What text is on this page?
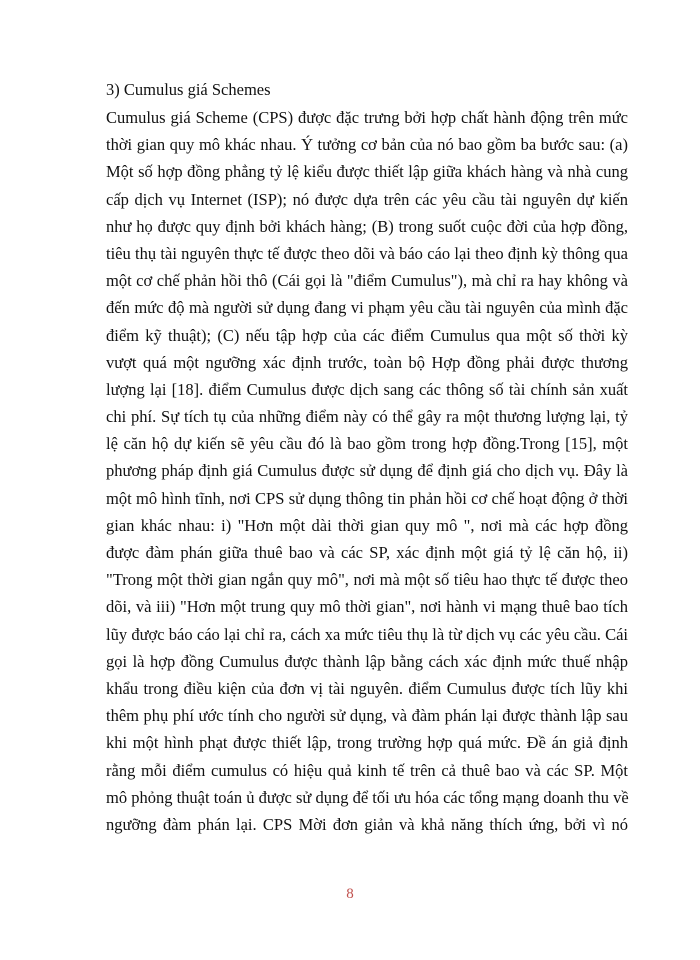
3) Cumulus giá Schemes
Cumulus giá Scheme (CPS) được đặc trưng bởi hợp chất hành động trên mức
thời gian quy mô khác nhau. Ý tưởng cơ bản của nó bao gồm ba bước sau: (a)
Một số hợp đồng phẳng tỷ lệ kiểu được thiết lập giữa khách hàng và nhà cung
cấp dịch vụ Internet (ISP); nó được dựa trên các yêu cầu tài nguyên dự kiến
như họ được quy định bởi khách hàng; (B) trong suốt cuộc đời của hợp đồng,
tiêu thụ tài nguyên thực tế được theo dõi và báo cáo lại theo định kỳ thông qua
một cơ chế phản hồi thô (Cái gọi là "điểm Cumulus"), mà chỉ ra hay không và
đến mức độ mà người sử dụng đang vi phạm yêu cầu tài nguyên của mình đặc
điểm kỹ thuật); (C) nếu tập hợp của các điểm Cumulus qua một số thời kỳ
vượt quá một ngưỡng xác định trước, toàn bộ Hợp đồng phải được thương
lượng lại [18]. điểm Cumulus được dịch sang các thông số tài chính sản xuất
chi phí. Sự tích tụ của những điểm này có thể gây ra một thương lượng lại, tỷ
lệ căn hộ dự kiến sẽ yêu cầu đó là bao gồm trong hợp đồng.Trong [15], một
phương pháp định giá Cumulus được sử dụng để định giá cho dịch vụ. Đây là
một mô hình tĩnh, nơi CPS sử dụng thông tin phản hồi cơ chế hoạt động ở thời
gian khác nhau: i) "Hơn một dài thời gian quy mô ", nơi mà các hợp đồng
được đàm phán giữa thuê bao và các SP, xác định một giá tỷ lệ căn hộ, ii)
"Trong một thời gian ngắn quy mô", nơi mà một số tiêu hao thực tế được theo
dõi, và iii) "Hơn một trung quy mô thời gian", nơi hành vi mạng thuê bao tích
lũy được báo cáo lại chỉ ra, cách xa mức tiêu thụ là từ dịch vụ các yêu cầu. Cái
gọi là hợp đồng Cumulus được thành lập bằng cách xác định mức thuế nhập
khẩu trong điều kiện của đơn vị tài nguyên. điểm Cumulus được tích lũy khi
thêm phụ phí ước tính cho người sử dụng, và đàm phán lại được thành lập sau
khi một hình phạt được thiết lập, trong trường hợp quá mức. Đề án giả định
rằng mỗi điểm cumulus có hiệu quả kinh tế trên cả thuê bao và các SP. Một
mô phỏng thuật toán ủ được sử dụng để tối ưu hóa các tổng mạng doanh thu về
ngưỡng đàm phán lại. CPS Mời đơn giản và khả năng thích ứng, bởi vì nó
8
